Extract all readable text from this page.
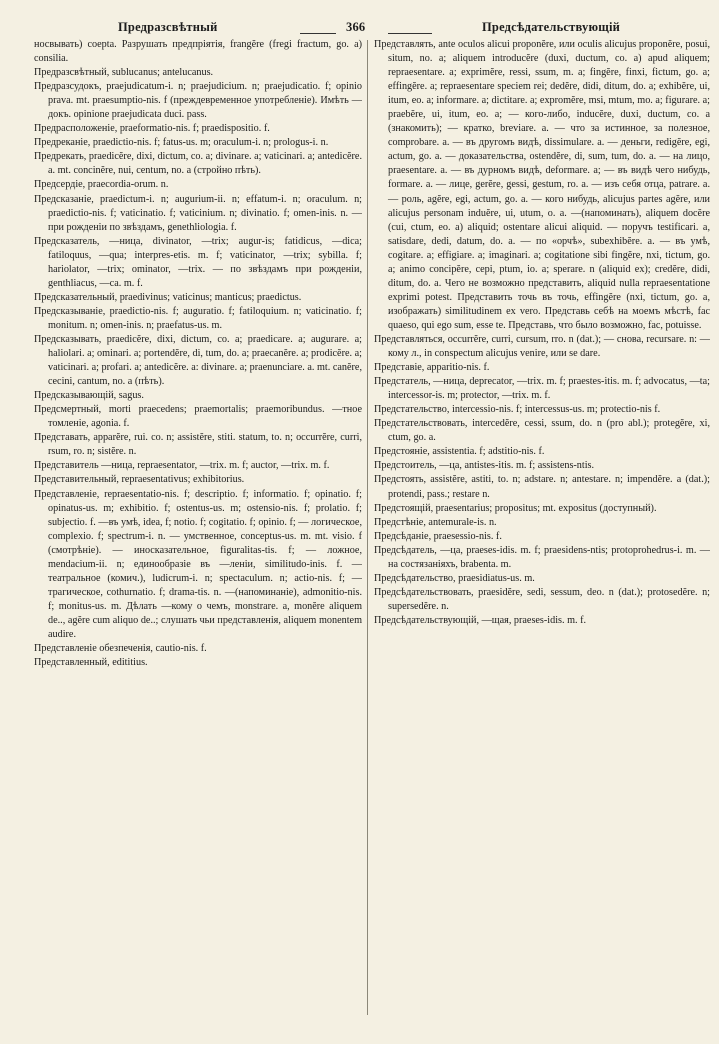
Предразсвѣтный	366	Предсѣдательствующій

носвывать) coepta. Разрушать предпріятія, frangĕre (fregi fractum, go. a) consilia.

Предразсвѣтный, sublucanus; antelucanus.

Предразсудокъ, praejudicatum-i. n; praejudicium. n; praejudicatio. f; opinio prava. mt. praesumptio-nis. f (преждевременное употребленіе). Имѣть —докъ. opinione praejudicata duci. pass.

Предрасположеніе, praeformatio-nis. f; praedispositio. f.

Предреканіе, praedictio-nis. f; fatus-us. m; oraculum-i. n; prologus-i. n.

Предрекать, praedicĕre, dixi, dictum, co. a; divinare. a; vaticinari. a; antedicĕre. a. mt. concinĕre, nui, centum, no. a (стройно пѣть).

Предсердіе, praecordia-orum. n.

Предсказаніе, praedictum-i. n; augurium-ii. n; effatum-i. n; oraculum. n; praedictio-nis. f; vaticinatio. f; vaticinium. n; divinatio. f; omen-inis. n. — при рожденіи по звѣздамъ, genethliologia. f.

Предсказатель, —ница, divinator, —trix; augur-is; fatidicus, —dica; fatiloquus, —qua; interpres-etis. m. f; vaticinator, —trix; sybilla. f; hariolator, —trix; ominator, —trix. — по звѣздамъ при рожденіи, genthliacus, —ca. m. f.

Предсказательный, praedivinus; vaticinus; manticus; praedictus.

Предсказываніе, praedictio-nis. f; auguratio. f; fatiloquium. n; vaticinatio. f; monitum. n; omen-inis. n; praefatus-us. m.

Предсказывать, praedicĕre, dixi, dictum, co. a; praedicare. a; augurare. a; haliolari. a; ominari. a; portendĕre, di, tum, do. a; praecanĕre. a; prodicĕre. a; vaticinari. a; profari. a; antedicĕre. a: divinare. a; praenunciare. a. mt. canĕre, cecini, cantum, no. a (пѣть).

Предсказывающій, sagus.

Предсмертный, morti praecedens; praemortalis; praemoribundus. —тное томленіе, agonia. f.

Представать, apparĕre, rui. co. n; assistĕre, stiti. statum, to. n; occurrĕre, curri, rsum, ro. n; sistĕre. n.

Представитель —ница, repraesentator, —trix. m. f; auctor, —trix. m. f.

Представительный, repraesentativus; exhibitorius.

Представленіе, repraesentatio-nis. f; descriptio. f; informatio. f; opinatio. f; opinatus-us. m; exhibitio. f; ostentus-us. m; ostensio-nis. f; prolatio. f; subjectio. f. —въ умѣ, idea, f; notio. f; cogitatio. f; opinio. f; — логическое, complexio. f; spectrum-i. n. — умственное, conceptus-us. m. mt. visio. f (смотрѣніе). — иносказательное, figuralitas-tis. f; — ложное, mendacium-ii. n; единообразіе въ —леніи, similitudo-inis. f. — театральное (комич.), ludicrum-i. n; spectaculum. n; actio-nis. f; — трагическое, cothurnatio. f; drama-tis. n. —(напоминаніе), admonitio-nis. f; monitus-us. m. Дѣлать —кому о чемъ, monstrare. a, monĕre aliquem de.., agĕre cum aliquo de..; слушать чьи представленія, aliquem monentem audire.

Представленіе обезпеченія, cautio-nis. f.

Представленный, edititius.

Представлять, ante oculos alicui proponĕre, или oculis alicujus proponĕre, posui, situm, no. a; aliquem introducĕre (duxi, ductum, co. a) apud aliquem; repraesentare. a; exprimĕre, ressi, ssum, m. a; fingĕre, finxi, fictum, go. a; effingĕre. a; repraesentare speciem rei; dedĕre, didi, ditum, do. a; exhibĕre, ui, itum, eo. a; informare. a; dictitare. a; expromĕre, msi, mtum, mo. a; figurare. a; praebĕre, ui, itum, eo. a; — кого-либо, inducĕre, duxi, ductum, co. a (знакомить); — кратко, breviare. a. — что за истинное, за полезное, comprobare. a. — въ другомъ видѣ, dissimulare. a. — деньги, redigĕre, egi, actum, go. a. — доказательства, ostendĕre, di, sum, tum, do. a. — на лицо, praesentare. a. — въ дурномъ видѣ, deformare. a; — въ видѣ чего нибудь, formare. a. — лице, gerĕre, gessi, gestum, ro. a. — изъ себя отца, patrare. a. — роль, agĕre, egi, actum, go. a. — кого нибудь, alicujus partes agĕre, или alicujus personam induĕre, ui, utum, o. a. —(напоминать), aliquem docĕre (cui, ctum, eo. a) aliquid; ostentare alicui aliquid. — поручъ testificari. a, satisdare, dedi, datum, do. a. — по «орчѣ», subexhibĕre. a. — въ умѣ, cogitare. a; effigiare. a; imaginari. a; cogitatione sibi fingĕre, nxi, tictum, go. a; animo concipĕre, cepi, ptum, io. a; sperare. n (aliquid ex); credĕre, didi, ditum, do. a. Чего не возможно представить, aliquid nulla repraesentatione exprimi potest. Представить точь въ точь, effingĕre (nxi, tictum, go. a, изображать) similitudinem ex vero. Представь себѣ на моемъ мѣстѣ, fac quaeso, qui ego sum, esse te. Представь, что было возможно, fac, potuisse.

Представляться, occurrĕre, curri, cursum, rro. n (dat.); — снова, recursare. n: — кому л., in conspectum alicujus venire, или se dare.

Представіе, apparitio-nis. f.

Предстатель, —ница, deprecator, —trix. m. f; praestes-itis. m. f; advocatus, —ta; intercessor-is. m; protector, —trix. m. f.

Предстательство, intercessio-nis. f; intercessus-us. m; protectio-nis f.

Предстательствовать, intercedĕre, cessi, ssum, do. n (pro abl.); protegĕre, xi, ctum, go. a.

Предстояніе, assistentia. f; adstitio-nis. f.

Предстоитель, —ца, antistes-itis. m. f; assistens-ntis.

Предстоять, assistĕre, astiti, to. n; adstare. n; antestare. n; impendĕre. a (dat.); protendi, pass.; restare n.

Предстоящій, praesentarius; propositus; mt. expositus (доступный).

Предстѣніе, antemurale-is. n.

Предсѣданіе, praesessio-nis. f.

Предсѣдатель, —ца, praeses-idis. m. f; praesidens-ntis; protoprohedrus-i. m. —на состязаніяхъ, brabenta. m.

Предсѣдательство, praesidiatus-us. m.

Предсѣдательствовать, praesidĕre, sedi, sessum, deo. n (dat.); protosedĕre. n; supersedĕre. n.

Предсѣдательствующій, —щая, praeses-idis. m. f.
